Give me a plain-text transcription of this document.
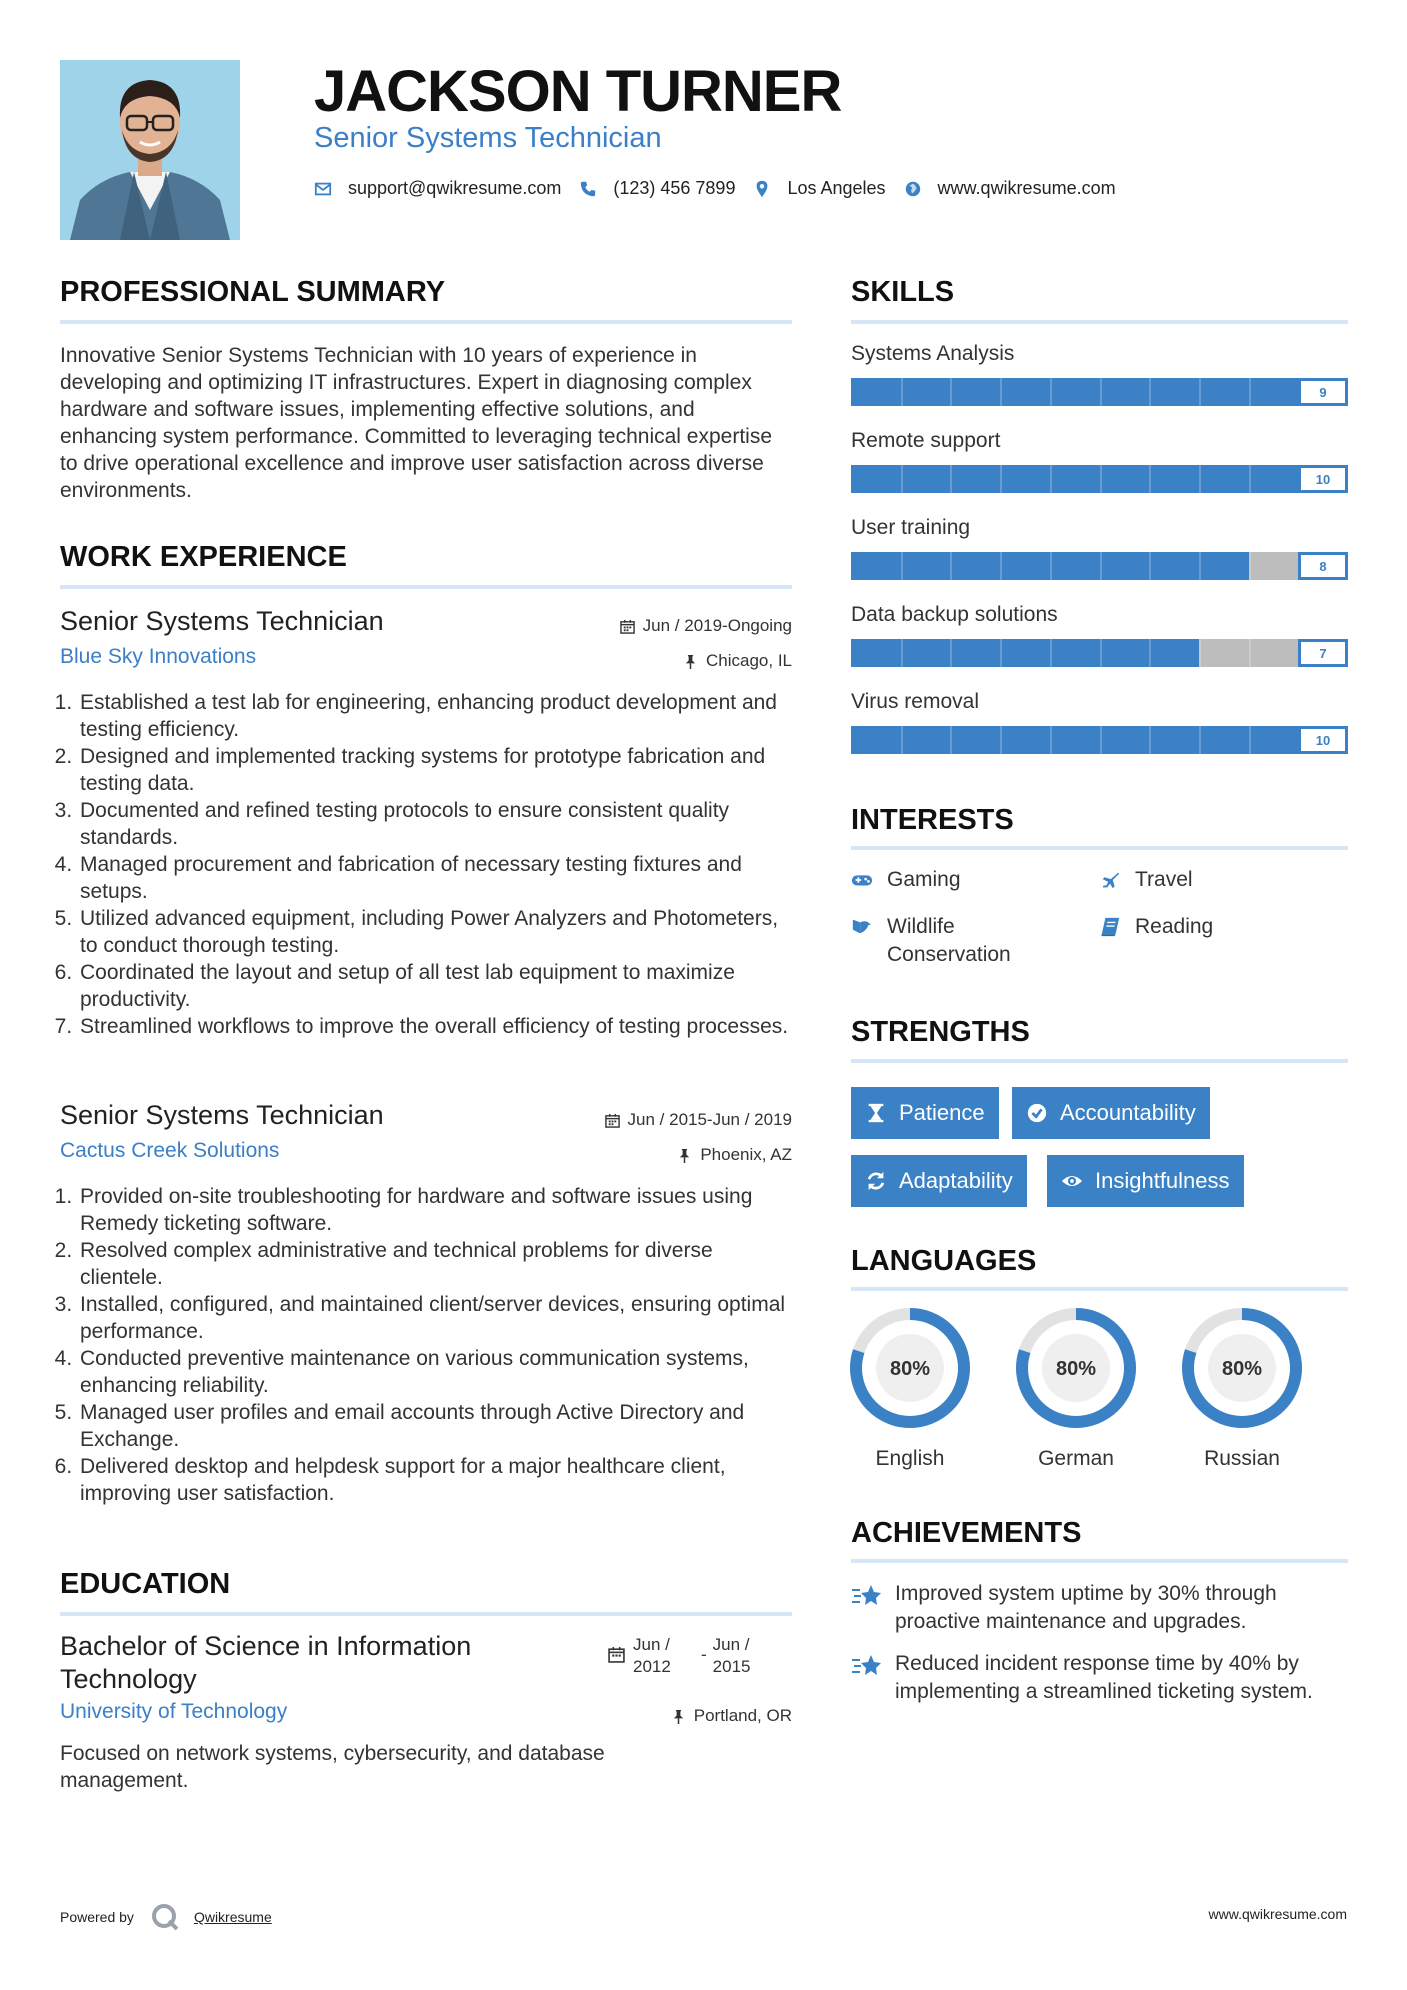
JACKSON TURNER
Senior Systems Technician
support@qwikresume.com	(123) 456 7899	Los Angeles	www.qwikresume.com
PROFESSIONAL SUMMARY
Innovative Senior Systems Technician with 10 years of experience in developing and optimizing IT infrastructures. Expert in diagnosing complex hardware and software issues, implementing effective solutions, and enhancing system performance. Committed to leveraging technical expertise to drive operational excellence and improve user satisfaction across diverse environments.
WORK EXPERIENCE
Senior Systems Technician
Blue Sky Innovations
Jun / 2019-Ongoing
Chicago, IL
1. Established a test lab for engineering, enhancing product development and testing efficiency.
2. Designed and implemented tracking systems for prototype fabrication and testing data.
3. Documented and refined testing protocols to ensure consistent quality standards.
4. Managed procurement and fabrication of necessary testing fixtures and setups.
5. Utilized advanced equipment, including Power Analyzers and Photometers, to conduct thorough testing.
6. Coordinated the layout and setup of all test lab equipment to maximize productivity.
7. Streamlined workflows to improve the overall efficiency of testing processes.
Senior Systems Technician
Cactus Creek Solutions
Jun / 2015-Jun / 2019
Phoenix, AZ
1. Provided on-site troubleshooting for hardware and software issues using Remedy ticketing software.
2. Resolved complex administrative and technical problems for diverse clientele.
3. Installed, configured, and maintained client/server devices, ensuring optimal performance.
4. Conducted preventive maintenance on various communication systems, enhancing reliability.
5. Managed user profiles and email accounts through Active Directory and Exchange.
6. Delivered desktop and helpdesk support for a major healthcare client, improving user satisfaction.
EDUCATION
Bachelor of Science in Information Technology
University of Technology
Jun / 2012
-
Jun / 2015
Portland, OR
Focused on network systems, cybersecurity, and database management.
SKILLS
Systems Analysis
9
Remote support
10
User training
8
Data backup solutions
7
Virus removal
10
INTERESTS
Gaming	Travel
Wildlife Conservation
Reading
STRENGTHS
Patience	Accountability
Adaptability	Insightfulness
LANGUAGES
80%
English
80%
German
80%
Russian
ACHIEVEMENTS
Improved system uptime by 30% through proactive maintenance and upgrades.
Reduced incident response time by 40% by implementing a streamlined ticketing system.
Powered by	Qwikresume	www.qwikresume.com
